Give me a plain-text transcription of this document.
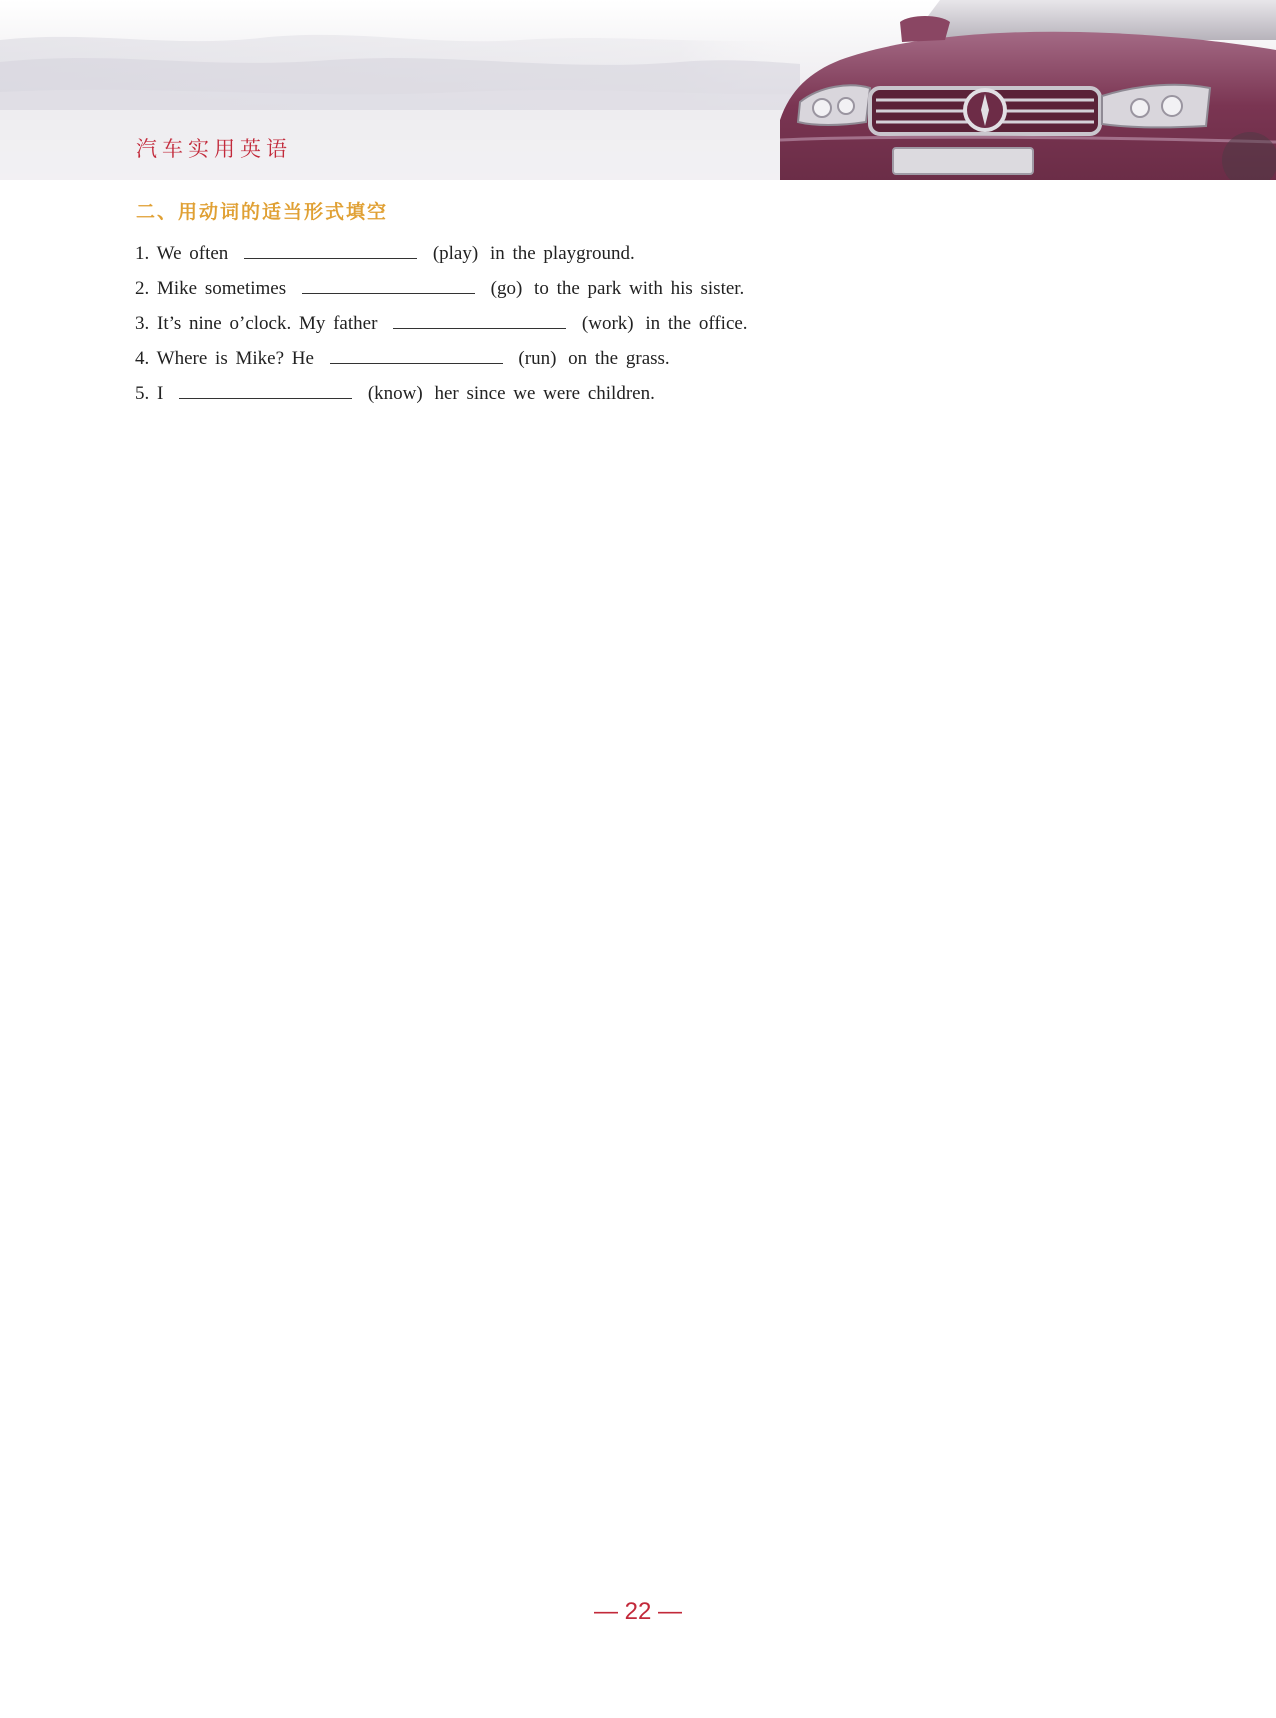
汽车实用英语
二、用动词的适当形式填空
1. We often	(play) in the playground.
2. Mike sometimes	(go) to the park with his sister.
3. It’s nine o’clock. My father	(work) in the office.
4. Where is Mike? He	(run) on the grass.
5. I	(know) her since we were children.
— 22 —
